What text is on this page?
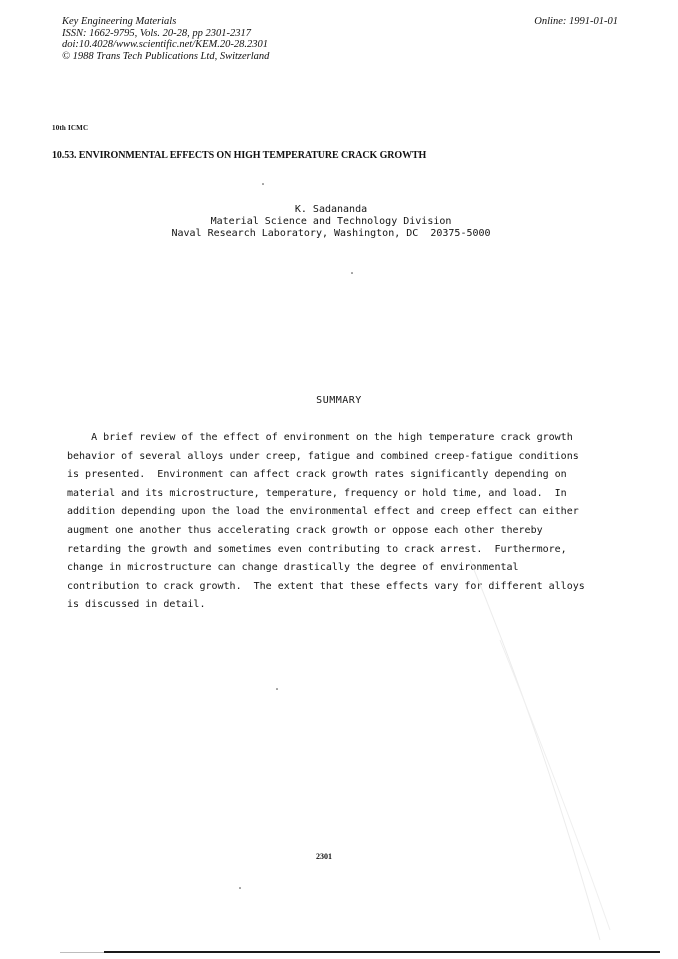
Key Engineering Materials
ISSN: 1662-9795, Vols. 20-28, pp 2301-2317
doi:10.4028/www.scientific.net/KEM.20-28.2301
© 1988 Trans Tech Publications Ltd, Switzerland
Online: 1991-01-01
10th ICMC
10.53. ENVIRONMENTAL EFFECTS ON HIGH TEMPERATURE CRACK GROWTH
K. Sadananda
Material Science and Technology Division
Naval Research Laboratory, Washington, DC  20375-5000
SUMMARY
A brief review of the effect of environment on the high temperature crack growth
behavior of several alloys under creep, fatigue and combined creep-fatigue conditions
is presented.  Environment can affect crack growth rates significantly depending on
material and its microstructure, temperature, frequency or hold time, and load.  In
addition depending upon the load the environmental effect and creep effect can either
augment one another thus accelerating crack growth or oppose each other thereby
retarding the growth and sometimes even contributing to crack arrest.  Furthermore,
change in microstructure can change drastically the degree of environmental
contribution to crack growth.  The extent that these effects vary for different alloys
is discussed in detail.
2301
